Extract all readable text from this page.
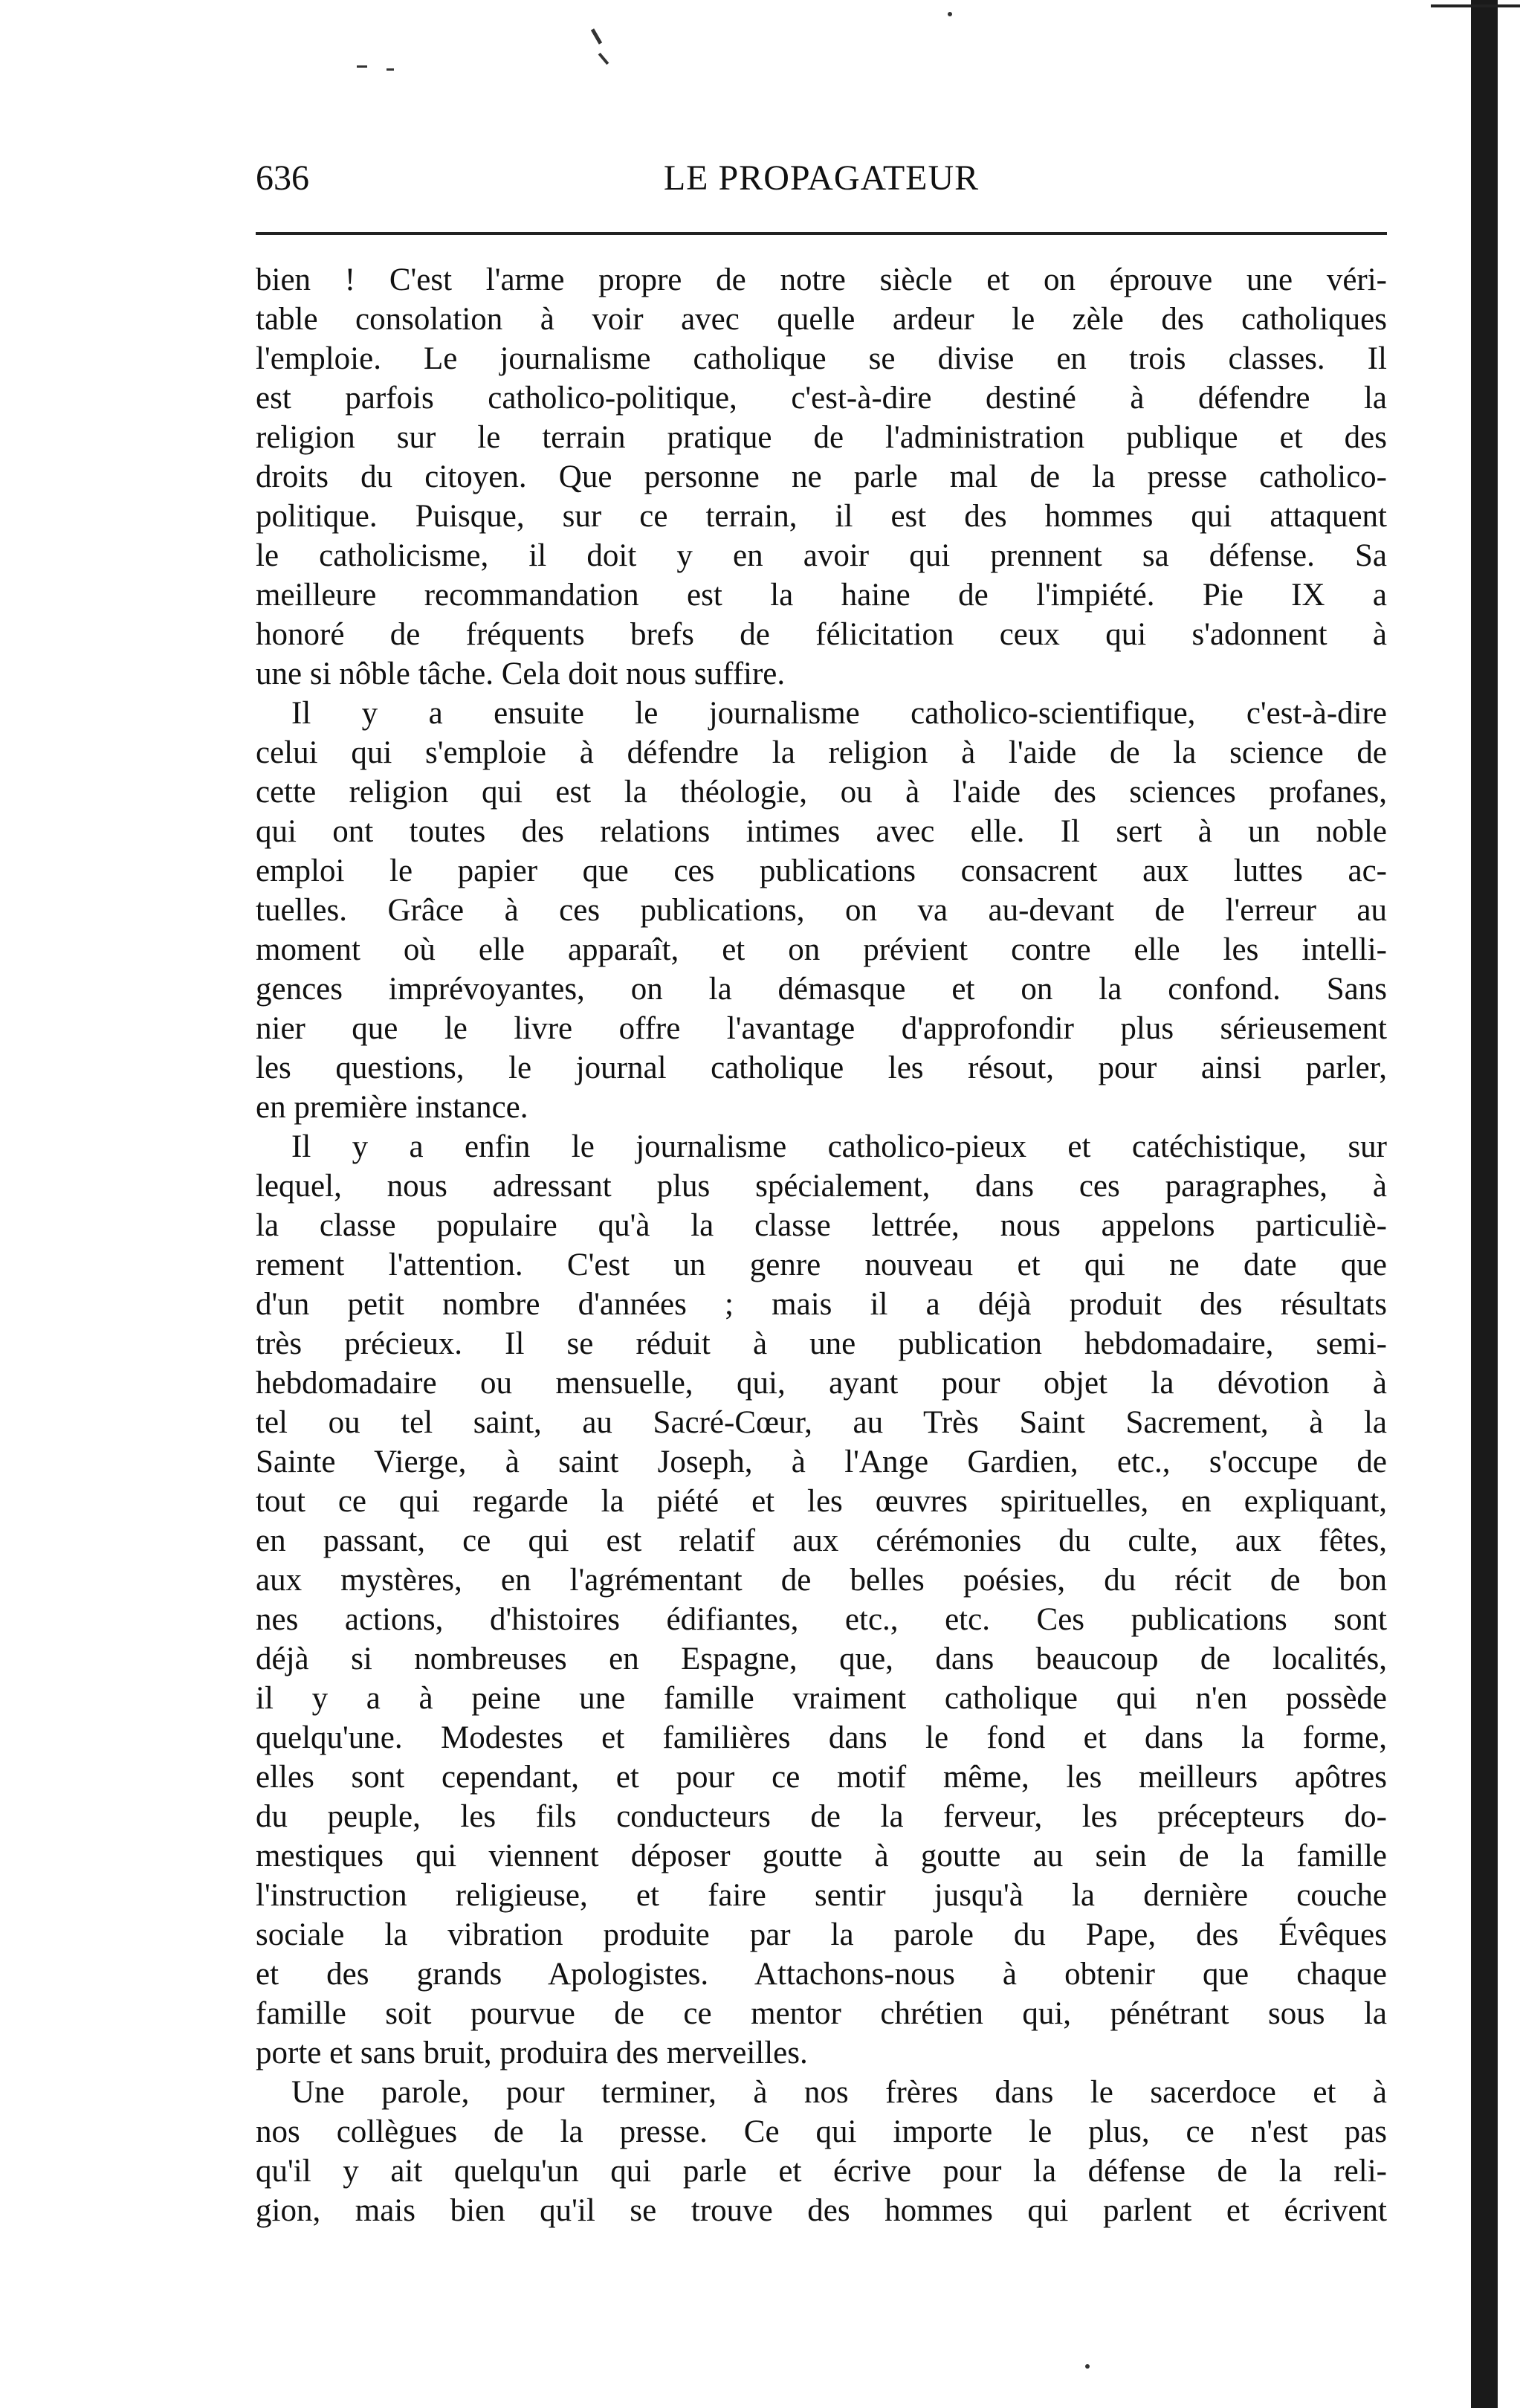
636	LE PROPAGATEUR
bien ! C'est l'arme propre de notre siècle et on éprouve une véri-
table consolation à voir avec quelle ardeur le zèle des catholiques
l'emploie. Le journalisme catholique se divise en trois classes. Il
est parfois catholico-politique, c'est-à-dire destiné à défendre la
religion sur le terrain pratique de l'administration publique et des
droits du citoyen. Que personne ne parle mal de la presse catholico-
politique. Puisque, sur ce terrain, il est des hommes qui attaquent
le catholicisme, il doit y en avoir qui prennent sa défense. Sa
meilleure recommandation est la haine de l'impiété. Pie IX a
honoré de fréquents brefs de félicitation ceux qui s'adonnent à
une si nôble tâche. Cela doit nous suffire.
Il y a ensuite le journalisme catholico-scientifique, c'est-à-dire
celui qui s'emploie à défendre la religion à l'aide de la science de
cette religion qui est la théologie, ou à l'aide des sciences profanes,
qui ont toutes des relations intimes avec elle. Il sert à un noble
emploi le papier que ces publications consacrent aux luttes ac-
tuelles. Grâce à ces publications, on va au-devant de l'erreur au
moment où elle apparaît, et on prévient contre elle les intelli-
gences imprévoyantes, on la démasque et on la confond. Sans
nier que le livre offre l'avantage d'approfondir plus sérieusement
les questions, le journal catholique les résout, pour ainsi parler,
en première instance.
Il y a enfin le journalisme catholico-pieux et catéchistique, sur
lequel, nous adressant plus spécialement, dans ces paragraphes, à
la classe populaire qu'à la classe lettrée, nous appelons particuliè-
rement l'attention. C'est un genre nouveau et qui ne date que
d'un petit nombre d'années ; mais il a déjà produit des résultats
très précieux. Il se réduit à une publication hebdomadaire, semi-
hebdomadaire ou mensuelle, qui, ayant pour objet la dévotion à
tel ou tel saint, au Sacré-Cœur, au Très Saint Sacrement, à la
Sainte Vierge, à saint Joseph, à l'Ange Gardien, etc., s'occupe de
tout ce qui regarde la piété et les œuvres spirituelles, en expliquant,
en passant, ce qui est relatif aux cérémonies du culte, aux fêtes,
aux mystères, en l'agrémentant de belles poésies, du récit de bon
nes actions, d'histoires édifiantes, etc., etc. Ces publications sont
déjà si nombreuses en Espagne, que, dans beaucoup de localités,
il y a à peine une famille vraiment catholique qui n'en possède
quelqu'une. Modestes et familières dans le fond et dans la forme,
elles sont cependant, et pour ce motif même, les meilleurs apôtres
du peuple, les fils conducteurs de la ferveur, les précepteurs do-
mestiques qui viennent déposer goutte à goutte au sein de la famille
l'instruction religieuse, et faire sentir jusqu'à la dernière couche
sociale la vibration produite par la parole du Pape, des Évêques
et des grands Apologistes. Attachons-nous à obtenir que chaque
famille soit pourvue de ce mentor chrétien qui, pénétrant sous la
porte et sans bruit, produira des merveilles.
Une parole, pour terminer, à nos frères dans le sacerdoce et à
nos collègues de la presse. Ce qui importe le plus, ce n'est pas
qu'il y ait quelqu'un qui parle et écrive pour la défense de la reli-
gion, mais bien qu'il se trouve des hommes qui parlent et écrivent
